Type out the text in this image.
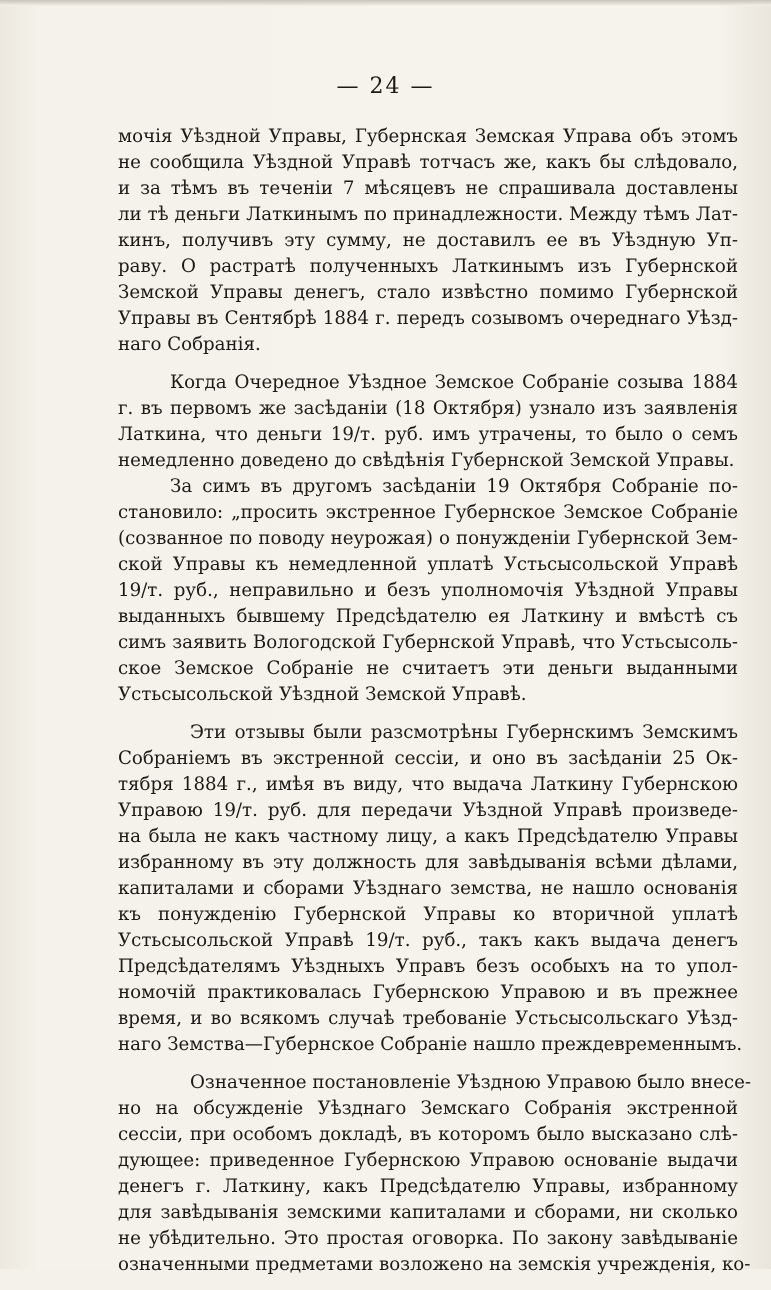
— 24 —

мочія Уѣздной Управы, Губернская Земская Управа объ этомъ
не сообщила Уѣздной Управѣ тотчасъ же, какъ бы слѣдовало,
и за тѣмъ въ теченіи 7 мѣсяцевъ не спрашивала доставлены
ли тѣ деньги Латкинымъ по принадлежности. Между тѣмъ Лат-
кинъ, получивъ эту сумму, не доставилъ ее въ Уѣздную Уп-
раву. О растратѣ полученныхъ Латкинымъ изъ Губернской
Земской Управы денегъ, стало извѣстно помимо Губернской
Управы въ Сентябрѣ 1884 г. передъ созывомъ очереднаго Уѣзд-
наго Собранія.

Когда Очередное Уѣздное Земское Собраніе созыва 1884
г. въ первомъ же засѣданіи (18 Октября) узнало изъ заявленія
Латкина, что деньги 19/т. руб. имъ утрачены, то было о семъ
немедленно доведено до свѣдѣнія Губернской Земской Управы.

За симъ въ другомъ засѣданіи 19 Октября Собраніе по-
становило: „просить экстренное Губернское Земское Собраніе
(созванное по поводу неурожая) о понужденіи Губернской Зем-
ской Управы къ немедленной уплатѣ Устьсысольской Управѣ
19/т. руб., неправильно и безъ уполномочія Уѣздной Управы
выданныхъ бывшему Предсѣдателю ея Латкину и вмѣстѣ съ
симъ заявить Вологодской Губернской Управѣ, что Устьсысоль-
ское Земское Собраніе не считаетъ эти деньги выданными
Устьсысольской Уѣздной Земской Управѣ.

Эти отзывы были разсмотрѣны Губернскимъ Земскимъ
Собраніемъ въ экстренной сессіи, и оно въ засѣданіи 25 Ок-
тября 1884 г., имѣя въ виду, что выдача Латкину Губернскою
Управою 19/т. руб. для передачи Уѣздной Управѣ произведе-
на была не какъ частному лицу, а какъ Предсѣдателю Управы
избранному въ эту должность для завѣдыванія всѣми дѣлами,
капиталами и сборами Уѣзднаго земства, не нашло основанія
къ понужденію Губернской Управы ко вторичной уплатѣ
Устьсысольской Управѣ 19/т. руб., такъ какъ выдача денегъ
Предсѣдателямъ Уѣздныхъ Управъ безъ особыхъ на то упол-
номочій практиковалась Губернскою Управою и въ прежнее
время, и во всякомъ случаѣ требованіе Устьсысольскаго Уѣзд-
наго Земства—Губернское Собраніе нашло преждевременнымъ.

Означенное постановленіе Уѣздною Управою было внесе-
но на обсужденіе Уѣзднаго Земскаго Собранія экстренной
сессіи, при особомъ докладѣ, въ которомъ было высказано слѣ-
дующее: приведенное Губернскою Управою основаніе выдачи
денегъ г. Латкину, какъ Предсѣдателю Управы, избранному
для завѣдыванія земскими капиталами и сборами, ни сколько
не убѣдительно. Это простая оговорка. По закону завѣдываніе
означенными предметами возложено на земскія учрежденія, ко-
